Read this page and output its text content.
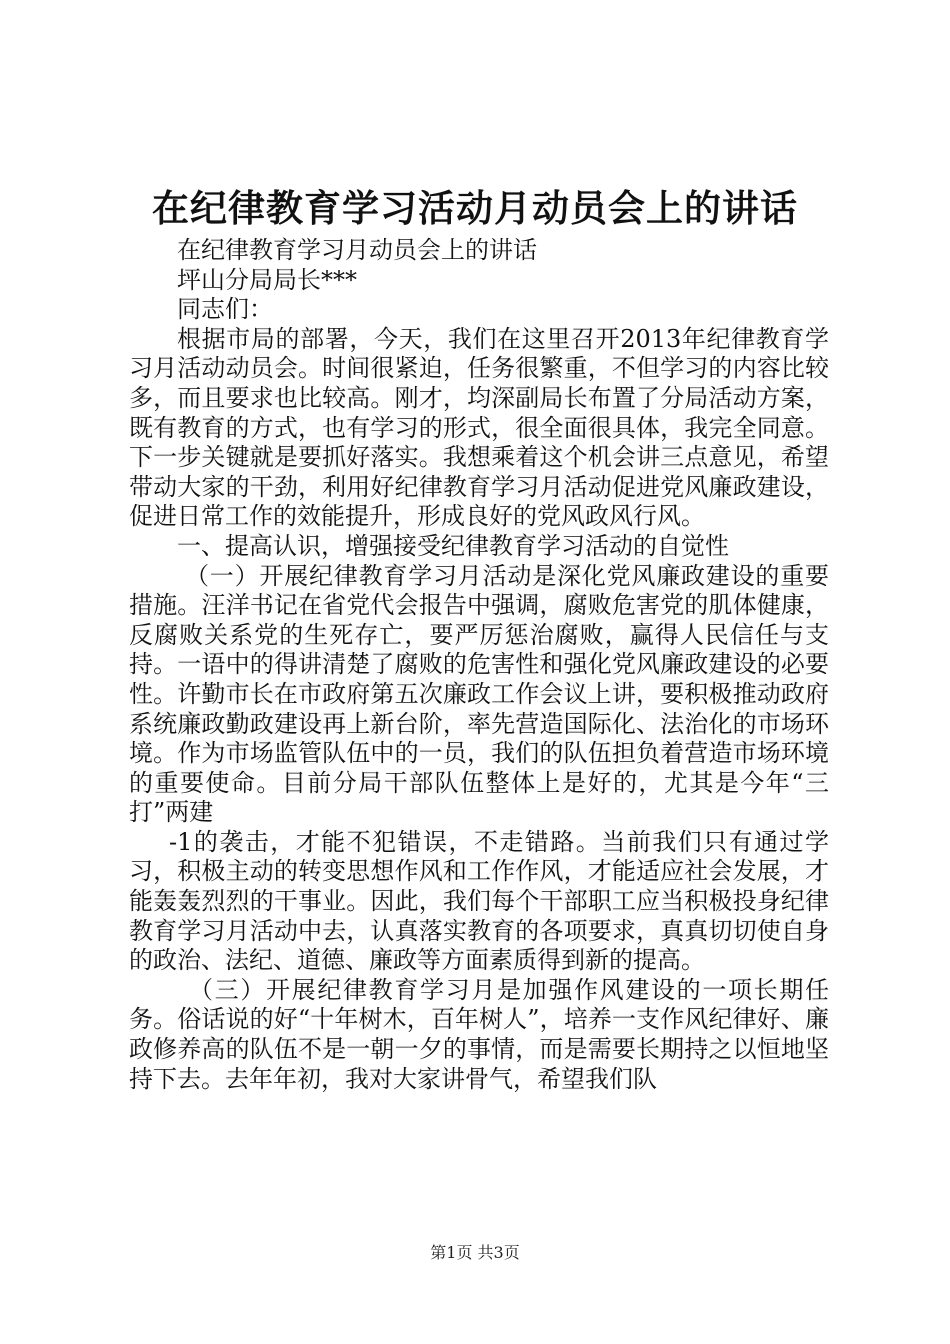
在纪律教育学习活动月动员会上的讲话

在纪律教育学习月动员会上的讲话

坪山分局局长***

同志们：

根据市局的部署，今天，我们在这里召开2013年纪律教育学习月活动动员会。时间很紧迫，任务很繁重，不但学习的内容比较多，而且要求也比较高。刚才，均深副局长布置了分局活动方案，既有教育的方式，也有学习的形式，很全面很具体，我完全同意。下一步关键就是要抓好落实。我想乘着这个机会讲三点意见，希望带动大家的干劲，利用好纪律教育学习月活动促进党风廉政建设，促进日常工作的效能提升，形成良好的党风政风行风。

一、提高认识，增强接受纪律教育学习活动的自觉性

（一）开展纪律教育学习月活动是深化党风廉政建设的重要措施。汪洋书记在省党代会报告中强调，腐败危害党的肌体健康，反腐败关系党的生死存亡，要严厉惩治腐败，赢得人民信任与支持。一语中的得讲清楚了腐败的危害性和强化党风廉政建设的必要性。许勤市长在市政府第五次廉政工作会议上讲，要积极推动政府系统廉政勤政建设再上新台阶，率先营造国际化、法治化的市场环境。作为市场监管队伍中的一员，我们的队伍担负着营造市场环境的重要使命。目前分局干部队伍整体上是好的，尤其是今年“三打”两建

-1的袭击，才能不犯错误，不走错路。当前我们只有通过学习，积极主动的转变思想作风和工作作风，才能适应社会发展，才能轰轰烈烈的干事业。因此，我们每个干部职工应当积极投身纪律教育学习月活动中去，认真落实教育的各项要求，真真切切使自身的政治、法纪、道德、廉政等方面素质得到新的提高。

（三）开展纪律教育学习月是加强作风建设的一项长期任务。俗话说的好“十年树木，百年树人”，培养一支作风纪律好、廉政修养高的队伍不是一朝一夕的事情，而是需要长期持之以恒地坚持下去。去年年初，我对大家讲骨气，希望我们队

第1页 共3页
